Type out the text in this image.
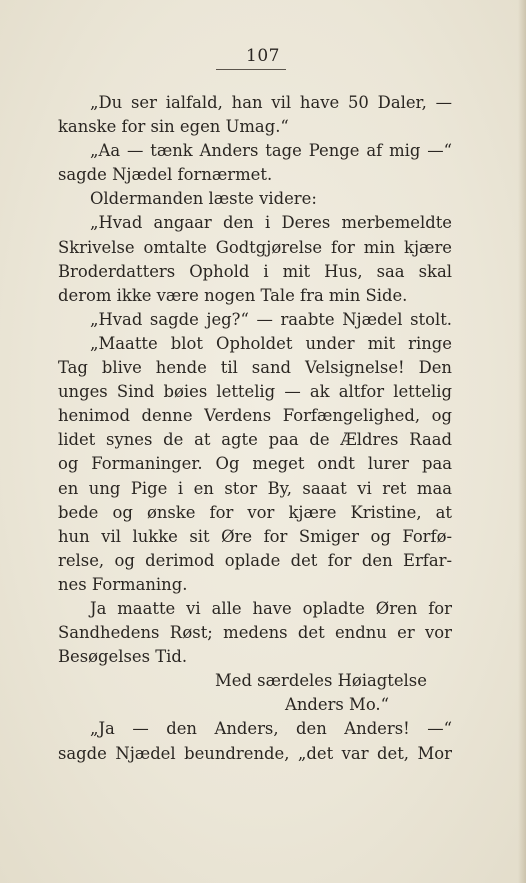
107
„Du ser ialfald, han vil have 50 Daler, —
kanske for sin egen Umag.“
„Aa — tænk Anders tage Penge af mig —“
sagde Njædel fornærmet.
Oldermanden læste videre:
„Hvad angaar den i Deres merbemeldte
Skrivelse omtalte Godtgjørelse for min kjære
Broderdatters Ophold i mit Hus, saa skal
derom ikke være nogen Tale fra min Side.
„Hvad sagde jeg?“ — raabte Njædel stolt.
„Maatte blot Opholdet under mit ringe
Tag blive hende til sand Velsignelse! Den
unges Sind bøies lettelig — ak altfor lettelig
henimod denne Verdens Forfængelighed, og
lidet synes de at agte paa de Ældres Raad
og Formaninger. Og meget ondt lurer paa
en ung Pige i en stor By, saaat vi ret maa
bede og ønske for vor kjære Kristine, at
hun vil lukke sit Øre for Smiger og Forfø-
relse, og derimod oplade det for den Erfar-
nes Formaning.
Ja maatte vi alle have opladte Øren for
Sandhedens Røst; medens det endnu er vor
Besøgelses Tid.
Med særdeles Høiagtelse
Anders Mo.“
„Ja — den Anders, den Anders! —“
sagde Njædel beundrende, „det var det, Mor
